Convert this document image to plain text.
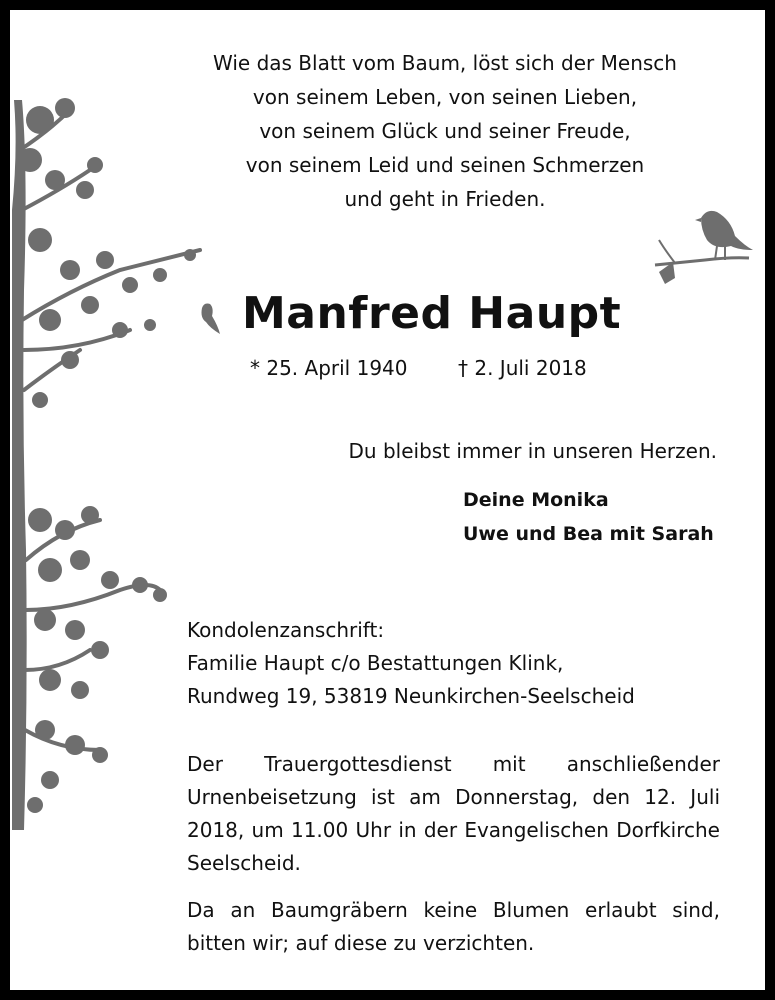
Wie das Blatt vom Baum, löst sich der Mensch
von seinem Leben, von seinen Lieben,
von seinem Glück und seiner Freude,
von seinem Leid und seinen Schmerzen
und geht in Frieden.
Manfred Haupt
* 25. April 1940	† 2. Juli 2018
Du bleibst immer in unseren Herzen.
Deine Monika
Uwe und Bea mit Sarah
Kondolenzanschrift:
Familie Haupt c/o Bestattungen Klink,
Rundweg 19, 53819 Neunkirchen-Seelscheid
Der Trauergottesdienst mit anschließender Urnenbeisetzung ist am Donnerstag, den 12. Juli 2018, um 11.00 Uhr in der Evangelischen Dorfkirche Seelscheid.
Da an Baumgräbern keine Blumen erlaubt sind, bitten wir; auf diese zu verzichten.
